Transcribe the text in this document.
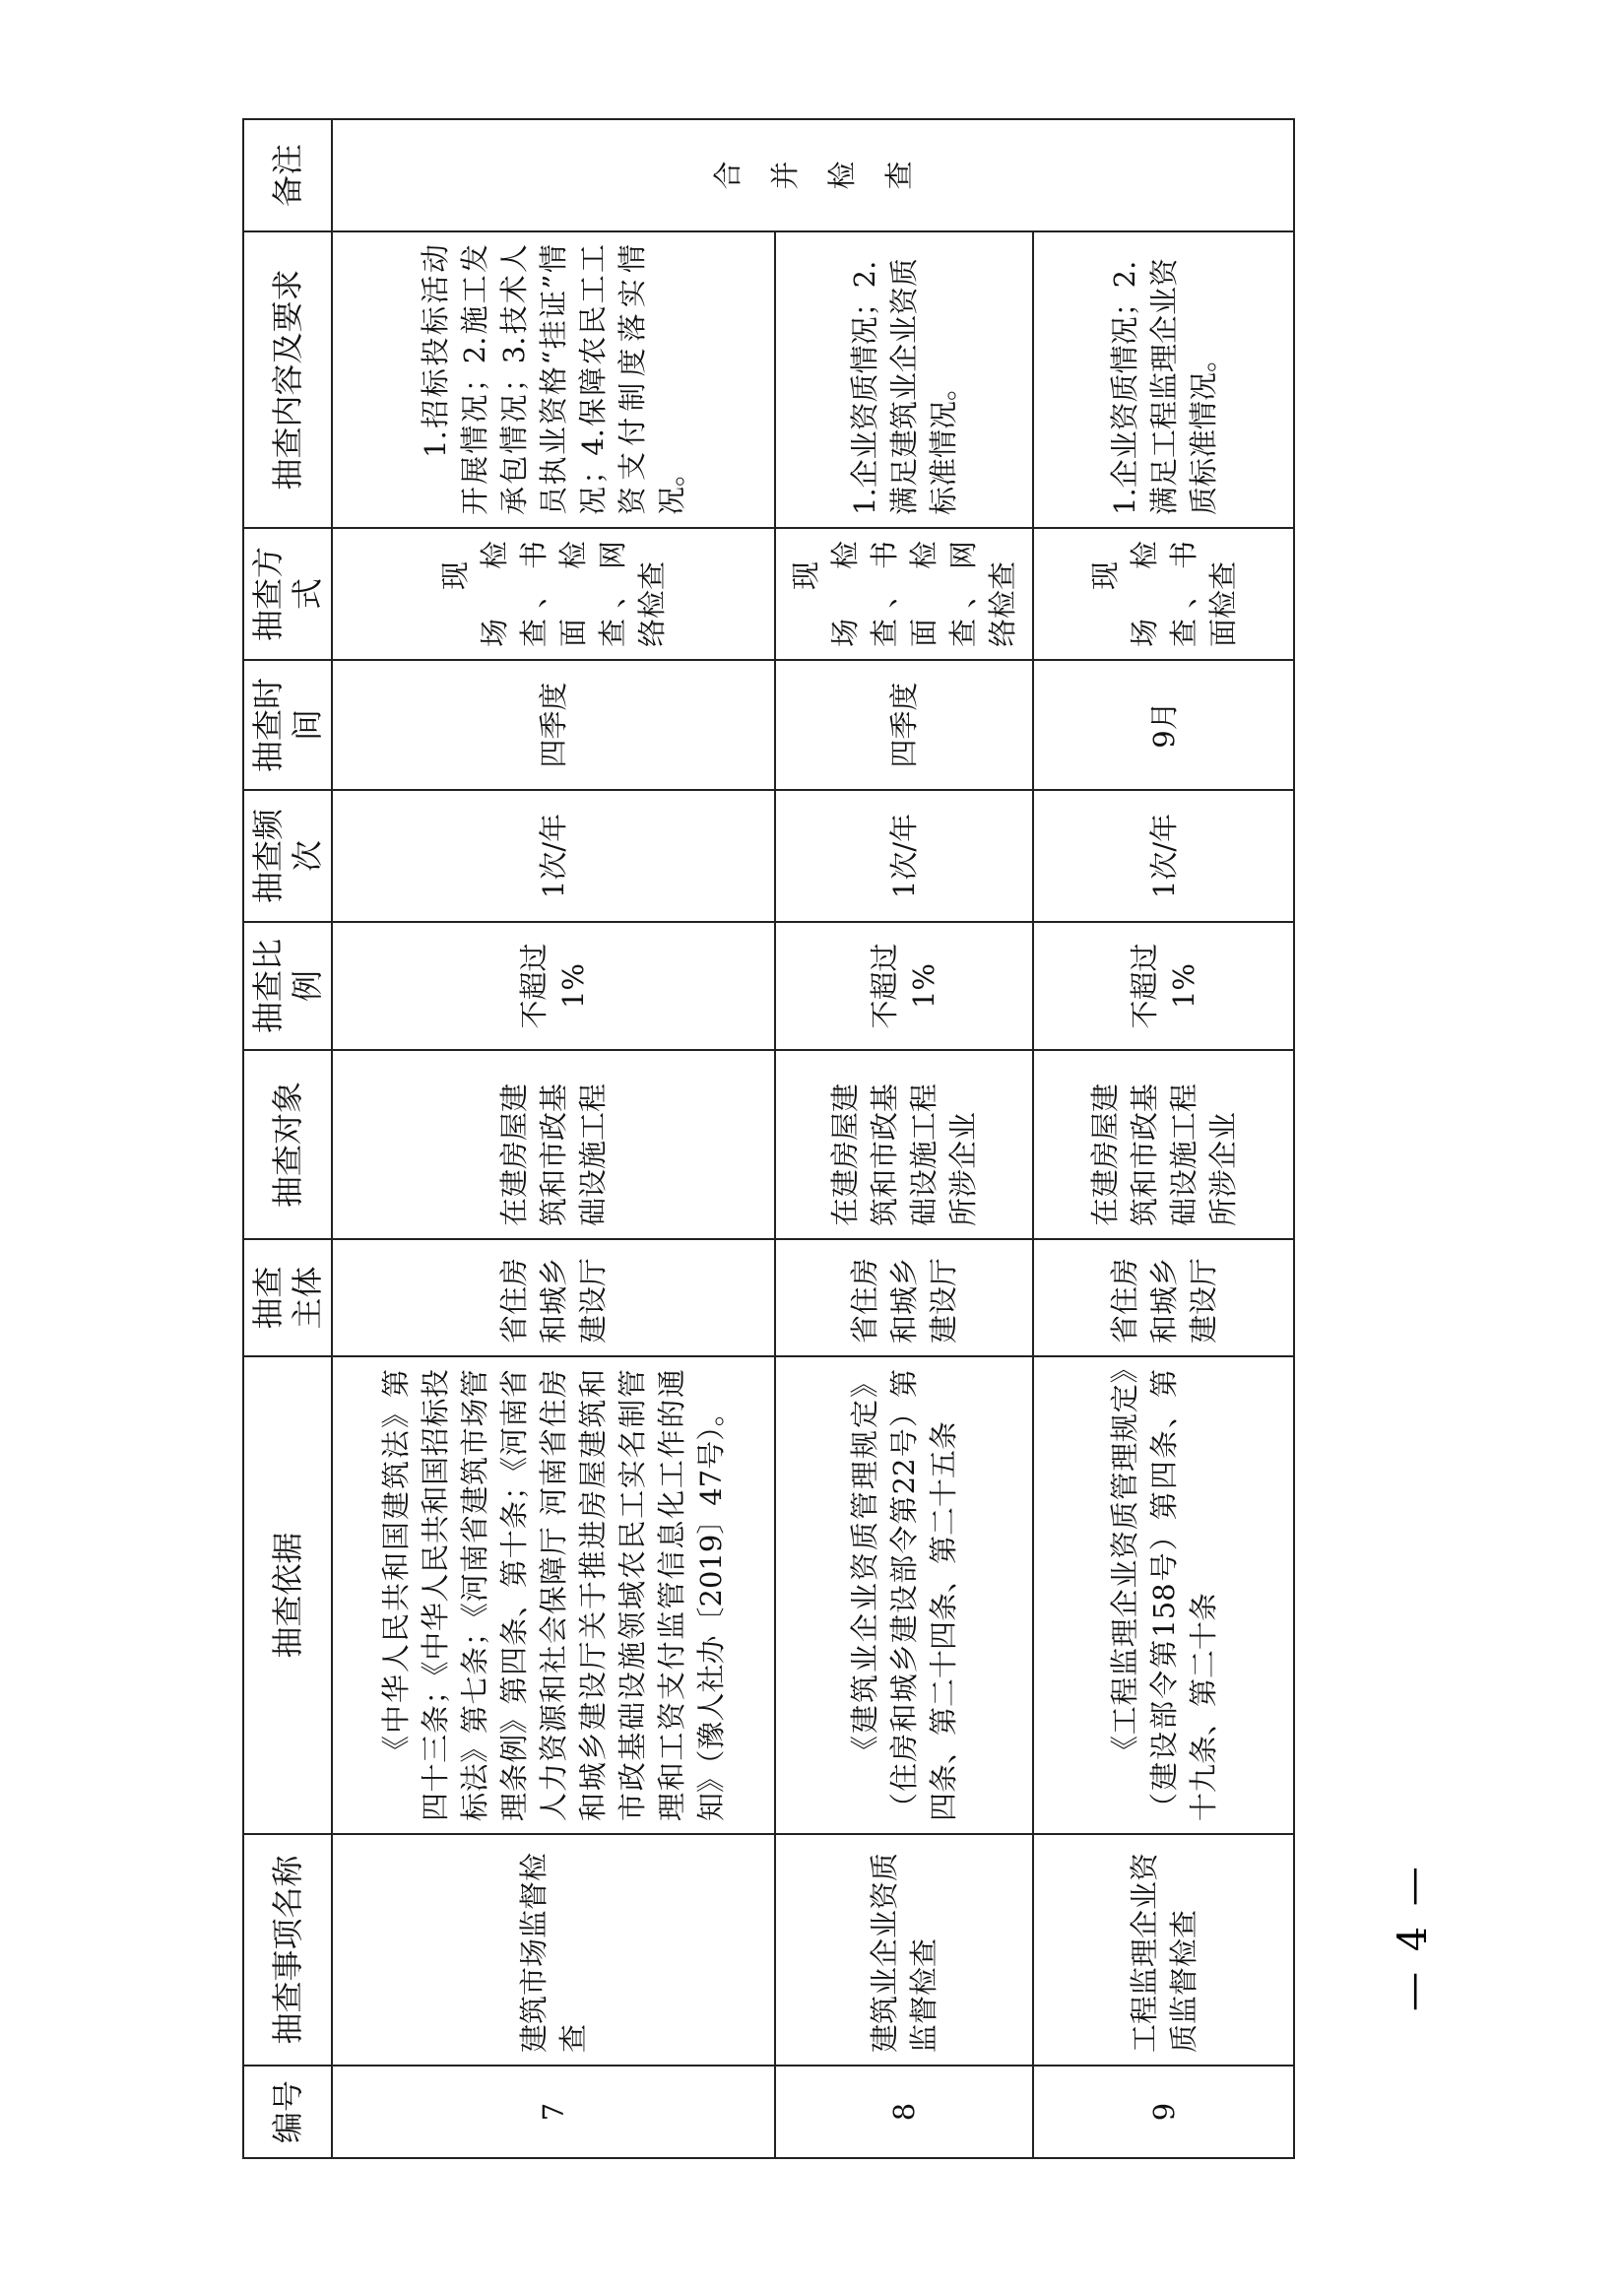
编号	抽查事项名称	抽查依据	抽查主体	抽查对象	抽查比例	抽查频次	抽查时间	抽查方式	抽查内容及要求	备注
7	建筑市场监督检查	《中华人民共和国建筑法》第四十三条；《中华人民共和国招标投标法》第七条；《河南省建筑市场管理条例》第四条、第十条；《河南省人力资源和社会保障厅 河南省住房和城乡建设厅关于推进房屋建筑和市政基础设施领域农民工实名制管理和工资支付监管信息化工作的通知》（豫人社办〔2019〕47号）。	省住房和城乡建设厅	在建房屋建筑和市政基础设施工程	不超过1%	1次/年	四季度	现场检查、书面检查、网络检查	1.招标投标活动开展情况；2.施工发承包情况；3.技术人员执业资格“挂证”情况；4.保障农民工工资支付制度落实情况。	合并检查
8	建筑业企业资质监督检查	《建筑业企业资质管理规定》（住房和城乡建设部令第22号）第四条、第二十四条、第二十五条	省住房和城乡建设厅	在建房屋建筑和市政基础设施工程所涉企业	不超过1%	1次/年	四季度	现场检查、书面检查、网络检查	1.企业资质情况；2.满足建筑业企业资质标准情况。	
9	工程监理企业资质监督检查	《工程监理企业资质管理规定》（建设部令第158号）第四条、第十九条、第二十条	省住房和城乡建设厅	在建房屋建筑和市政基础设施工程所涉企业	不超过1%	1次/年	9月	现场检查、书面检查	1.企业资质情况；2.满足工程监理企业资质标准情况。	
— 4 —
